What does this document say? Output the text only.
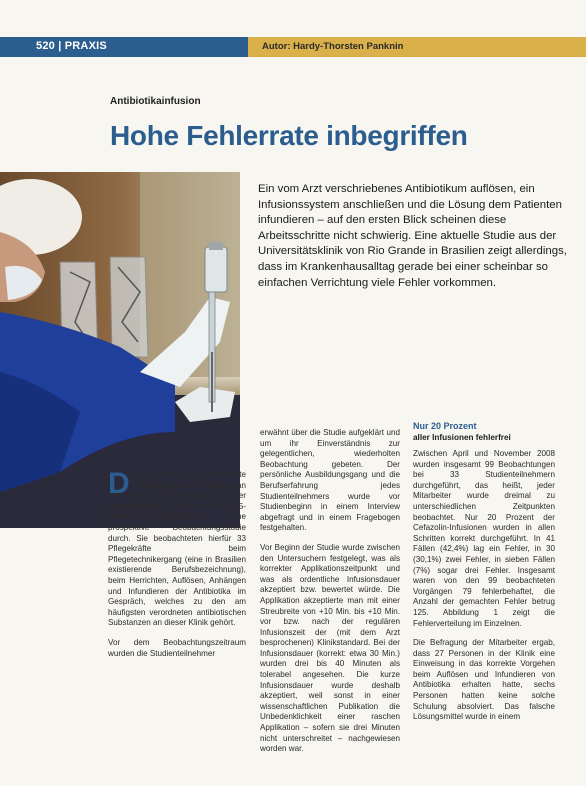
520 | PRAXIS	Autor: Hardy-Thorsten Panknin
Antibiotikainfusion
Hohe Fehlerrate inbegriffen
Ein vom Arzt verschriebenes Antibiotikum auflösen, ein Infusionssystem anschließen und die Lösung dem Patienten infundieren – auf den ersten Blick scheinen diese Arbeitsschritte nicht schwierig. Eine aktuelle Studie aus der Universitätsklinik von Rio Grande in Brasilien zeigt allerdings, dass im Krankenhausalltag gerade bei einer scheinbar so einfachen Verrichtung viele Fehler vorkommen.

Die Autoren, examinierte Pflegekräfte und Lehrkräfte an der Pflegeschule der Universitätsklinik, führten an dem 125-Betten-Universitätsklinikum eine prospektive Beobachtungsstudie durch. Sie beobachteten hierfür 33 Pflegekräfte beim Pflegetechnikergang (eine in Brasilien existierende Berufsbezeichnung), beim Herrichten, Auflösen, Anhängen und Infundieren der Antibiotika im Gespräch, welches zu den am häufigsten verordneten antibiotischen Substanzen an dieser Klinik gehört.

Vor dem Beobachtungszeitraum wurden die Studienteilnehmer

erwähnt über die Studie aufgeklärt und um ihr Einverständnis zur gelegentlichen, wiederholten Beobachtung gebeten. Der persönliche Ausbildungsgang und die Berufserfahrung jedes Studienteilnehmers wurde vor Studienbeginn in einem Interview abgefragt und in einem Fragebogen festgehalten.

Vor Beginn der Studie wurde zwischen den Untersuchern festgelegt, was als korrekter Applikationszeitpunkt und was als ordentliche Infusionsdauer akzeptiert bzw. bewertet würde. Die Applikation akzeptierte man mit einer Streubreite von +10 Min. bis +10 Min. vor bzw. nach der regulären Infusionszeit der (mit dem Arzt besprochenen) Klinikstandard. Bei der Infusionsdauer (korrekt: etwa 30 Min.) wurden drei bis 40 Minuten als tolerabel angesehen. Die kurze Infusionsdauer wurde deshalb akzeptiert, weil sonst in einer wissenschaftlichen Publikation die Unbedenklichkeit einer raschen Applikation – sofern sie drei Minuten nicht unterschreitet – nachgewiesen worden war.

Nur 20 Prozent
aller Infusionen fehlerfrei

Zwischen April und November 2008 wurden insgesamt 99 Beobachtungen bei 33 Studienteilnehmern durchgeführt, das heißt, jeder Mitarbeiter wurde dreimal zu unterschiedlichen Zeitpunkten beobachtet. Nur 20 Prozent der Cefazolin-Infusionen wurden in allen Schritten korrekt durchgeführt. In 41 Fällen (42,4%) lag ein Fehler, in 30 (30,1%) zwei Fehler, in sieben Fällen (7%) sogar drei Fehler. Insgesamt waren von den 99 beobachteten Vorgängen 79 fehlerbehaftet, die Anzahl der gemachten Fehler betrug 125. Abbildung 1 zeigt die Fehlerverteilung im Einzelnen.

Die Befragung der Mitarbeiter ergab, dass 27 Personen in der Klinik eine Einweisung in das korrekte Vorgehen beim Auflösen und Infundieren von Antibiotika erhalten hatte, sechs Personen hatten keine solche Schulung absolviert. Das falsche Lösungsmittel wurde in einem
